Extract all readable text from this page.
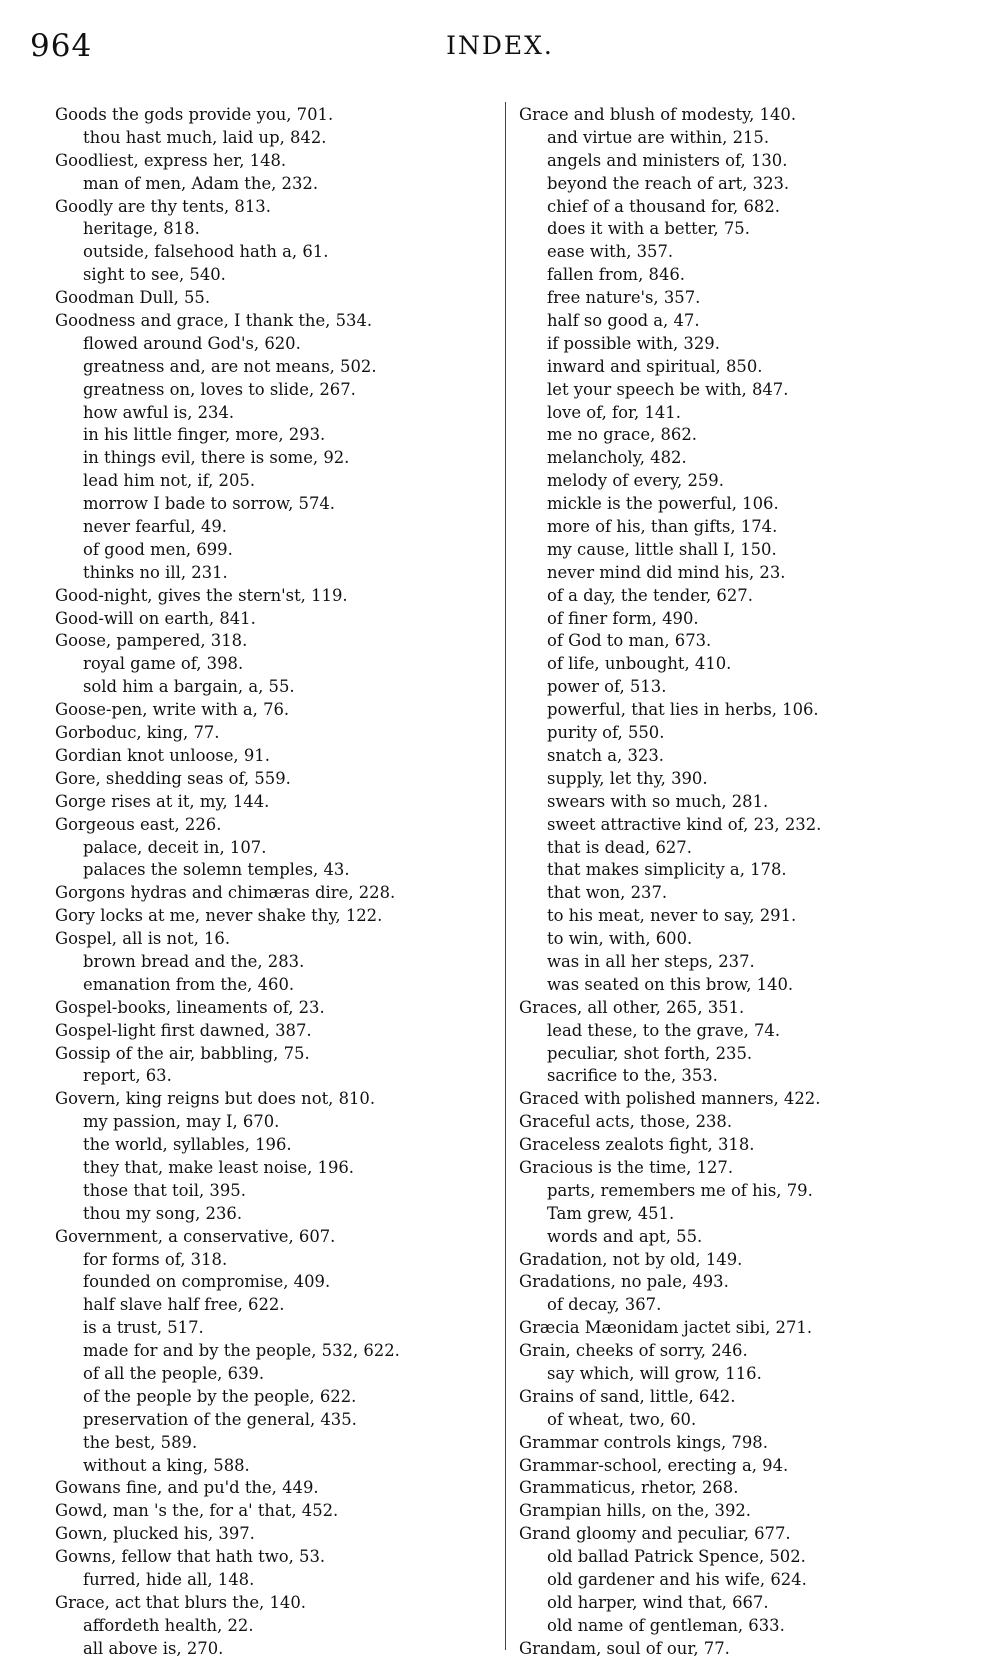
964	INDEX.
Goods the gods provide you, 701.
thou hast much, laid up, 842.
Goodliest, express her, 148.
man of men, Adam the, 232.
Goodly are thy tents, 813.
heritage, 818.
outside, falsehood hath a, 61.
sight to see, 540.
Goodman Dull, 55.
Goodness and grace, I thank the, 534.
flowed around God's, 620.
greatness and, are not means, 502.
greatness on, loves to slide, 267.
how awful is, 234.
in his little finger, more, 293.
in things evil, there is some, 92.
lead him not, if, 205.
morrow I bade to sorrow, 574.
never fearful, 49.
of good men, 699.
thinks no ill, 231.
Good-night, gives the stern'st, 119.
Good-will on earth, 841.
Goose, pampered, 318.
royal game of, 398.
sold him a bargain, a, 55.
Goose-pen, write with a, 76.
Gorboduc, king, 77.
Gordian knot unloose, 91.
Gore, shedding seas of, 559.
Gorge rises at it, my, 144.
Gorgeous east, 226.
palace, deceit in, 107.
palaces the solemn temples, 43.
Gorgons hydras and chimæras dire, 228.
Gory locks at me, never shake thy, 122.
Gospel, all is not, 16.
brown bread and the, 283.
emanation from the, 460.
Gospel-books, lineaments of, 23.
Gospel-light first dawned, 387.
Gossip of the air, babbling, 75.
report, 63.
Govern, king reigns but does not, 810.
my passion, may I, 670.
the world, syllables, 196.
they that, make least noise, 196.
those that toil, 395.
thou my song, 236.
Government, a conservative, 607.
for forms of, 318.
founded on compromise, 409.
half slave half free, 622.
is a trust, 517.
made for and by the people, 532, 622.
of all the people, 639.
of the people by the people, 622.
preservation of the general, 435.
the best, 589.
without a king, 588.
Gowans fine, and pu'd the, 449.
Gowd, man 's the, for a' that, 452.
Gown, plucked his, 397.
Gowns, fellow that hath two, 53.
furred, hide all, 148.
Grace, act that blurs the, 140.
affordeth health, 22.
all above is, 270.
Grace and blush of modesty, 140.
and virtue are within, 215.
angels and ministers of, 130.
beyond the reach of art, 323.
chief of a thousand for, 682.
does it with a better, 75.
ease with, 357.
fallen from, 846.
free nature's, 357.
half so good a, 47.
if possible with, 329.
inward and spiritual, 850.
let your speech be with, 847.
love of, for, 141.
me no grace, 862.
melancholy, 482.
melody of every, 259.
mickle is the powerful, 106.
more of his, than gifts, 174.
my cause, little shall I, 150.
never mind did mind his, 23.
of a day, the tender, 627.
of finer form, 490.
of God to man, 673.
of life, unbought, 410.
power of, 513.
powerful, that lies in herbs, 106.
purity of, 550.
snatch a, 323.
supply, let thy, 390.
swears with so much, 281.
sweet attractive kind of, 23, 232.
that is dead, 627.
that makes simplicity a, 178.
that won, 237.
to his meat, never to say, 291.
to win, with, 600.
was in all her steps, 237.
was seated on this brow, 140.
Graces, all other, 265, 351.
lead these, to the grave, 74.
peculiar, shot forth, 235.
sacrifice to the, 353.
Graced with polished manners, 422.
Graceful acts, those, 238.
Graceless zealots fight, 318.
Gracious is the time, 127.
parts, remembers me of his, 79.
Tam grew, 451.
words and apt, 55.
Gradation, not by old, 149.
Gradations, no pale, 493.
of decay, 367.
Græcia Mæonidam jactet sibi, 271.
Grain, cheeks of sorry, 246.
say which, will grow, 116.
Grains of sand, little, 642.
of wheat, two, 60.
Grammar controls kings, 798.
Grammar-school, erecting a, 94.
Grammaticus, rhetor, 268.
Grampian hills, on the, 392.
Grand gloomy and peculiar, 677.
old ballad Patrick Spence, 502.
old gardener and his wife, 624.
old harper, wind that, 667.
old name of gentleman, 633.
Grandam, soul of our, 77.
